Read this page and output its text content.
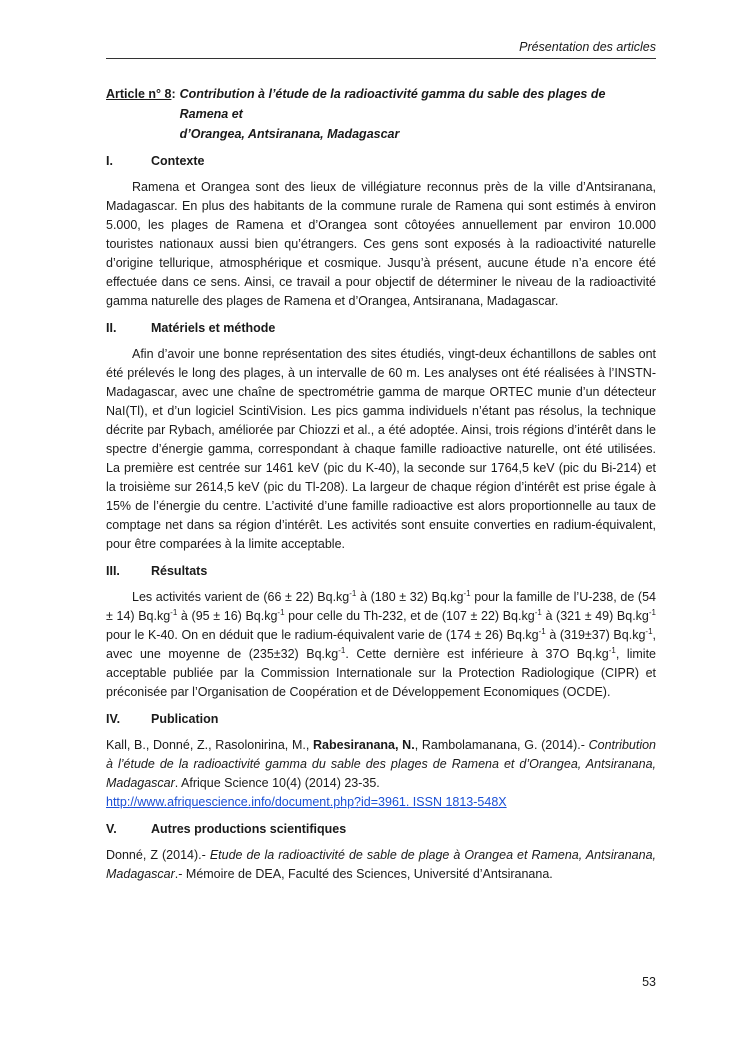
Présentation des articles
Article n° 8 : Contribution à l’étude de la radioactivité gamma du sable des plages de Ramena et
d’Orangea, Antsiranana, Madagascar
I.	Contexte

Ramena et Orangea sont des lieux de villégiature reconnus près de la ville d’Antsiranana, Madagascar. En plus des habitants de la commune rurale de Ramena qui sont estimés à environ 5.000, les plages de Ramena et d’Orangea sont côtoyées annuellement par environ 10.000 touristes nationaux aussi bien qu’étrangers. Ces gens sont exposés à la radioactivité naturelle d’origine tellurique, atmosphérique et cosmique. Jusqu’à présent, aucune étude n’a encore été effectuée dans ce sens. Ainsi, ce travail a pour objectif de déterminer le niveau de la radioactivité gamma naturelle des plages de Ramena et d’Orangea, Antsiranana, Madagascar.

II.	Matériels et méthode

Afin d’avoir une bonne représentation des sites étudiés, vingt-deux échantillons de sables ont été prélevés le long des plages, à un intervalle de 60 m. Les analyses ont été réalisées à l’INSTN-Madagascar, avec une chaîne de spectrométrie gamma de marque ORTEC munie d’un détecteur NaI(Tl), et d’un logiciel ScintiVision. Les pics gamma individuels n’étant pas résolus, la technique décrite par Rybach, améliorée par Chiozzi et al., a été adoptée. Ainsi, trois régions d’intérêt dans le spectre d’énergie gamma, correspondant à chaque famille radioactive naturelle, ont été utilisées. La première est centrée sur 1461 keV (pic du K-40), la seconde sur 1764,5 keV (pic du Bi-214) et la troisième sur 2614,5 keV (pic du Tl-208). La largeur de chaque région d’intérêt est prise égale à 15% de l’énergie du centre. L’activité d’une famille radioactive est alors proportionnelle au taux de comptage net dans sa région d’intérêt. Les activités sont ensuite converties en radium-équivalent, pour être comparées à la limite acceptable.

III.	Résultats

Les activités varient de (66 ± 22) $Bq.kg^{-1}$ à (180 ± 32) $Bq.kg^{-1}$ pour la famille de l’U-238, de (54 ± 14) $Bq.kg^{-1}$ à (95 ± 16) $Bq.kg^{-1}$ pour celle du Th-232, et de (107 ± 22) $Bq.kg^{-1}$ à (321 ± 49) $Bq.kg^{-1}$ pour le K-40. On en déduit que le radium-équivalent varie de (174 ± 26) $Bq.kg^{-1}$ à (319±37) $Bq.kg^{-1}$, avec une moyenne de (235±32) $Bq.kg^{-1}$. Cette dernière est inférieure à 37O $Bq.kg^{-1}$, limite acceptable publiée par la Commission Internationale sur la Protection Radiologique (CIPR) et préconisée par l’Organisation de Coopération et de Développement Economiques (OCDE).

IV.	Publication

Kall, B., Donné, Z., Rasolonirina, M., Rabesiranana, N., Rambolamanana, G. (2014).- Contribution à l’étude de la radioactivité gamma du sable des plages de Ramena et d’Orangea, Antsiranana, Madagascar. Afrique Science 10(4) (2014) 23-35.
http://www.afriquescience.info/document.php?id=3961. ISSN 1813-548X

V.	Autres productions scientifiques

Donné, Z (2014).- Etude de la radioactivité de sable de plage à Orangea et Ramena, Antsiranana, Madagascar.- Mémoire de DEA, Faculté des Sciences, Université d’Antsiranana.

53
